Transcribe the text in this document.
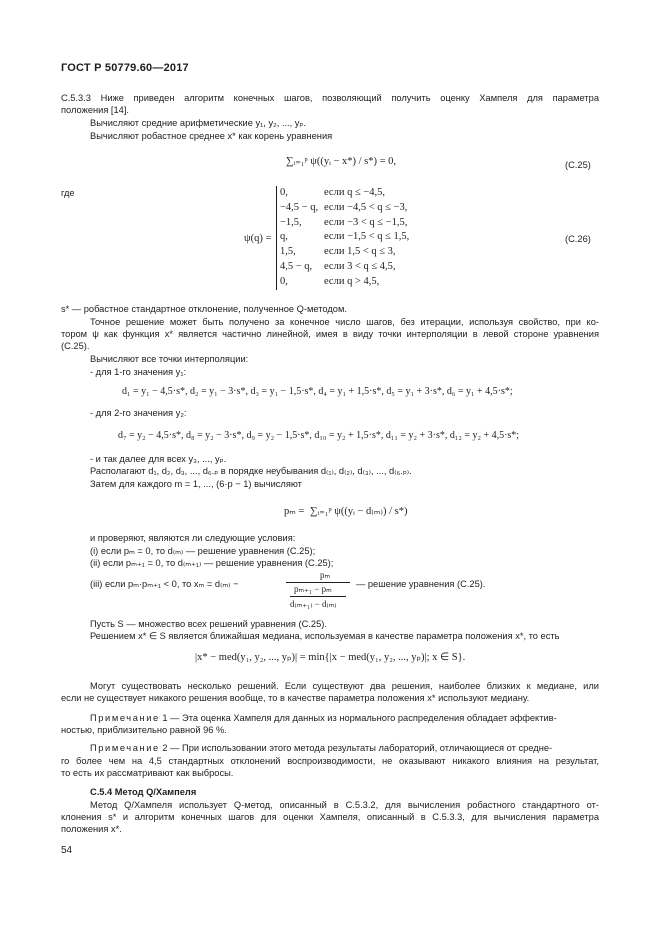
ГОСТ Р 50779.60—2017
С.5.3.3 Ниже приведен алгоритм конечных шагов, позволяющий получить оценку Хампеля для параметра
положения [14].
Вычисляют средние арифметические y₁, y₂, ..., yₚ.
Вычисляют робастное среднее x* как корень уравнения
∑ᵢ₌₁ᵖ ψ((yᵢ − x*) / s*) = 0,	(C.25)
где
ψ(q) =	(C.26)
0,	если q ≤ −4,5,
−4,5 − q, если −4,5 < q ≤ −3,
−1,5, если −3 < q ≤ −1,5,
q,	если −1,5 < q ≤ 1,5,
1,5,	если 1,5 < q ≤ 3,
4,5 − q, если 3 < q ≤ 4,5,
0,	если q > 4,5,
s* — робастное стандартное отклонение, полученное Q-методом.
Точное решение может быть получено за конечное число шагов, без итерации, используя свойство, при ко-
тором ψ как функция x* является частично линейной, имея в виду точки интерполяции в левой стороне уравнения
(C.25).
Вычисляют все точки интерполяции:
- для 1-го значения y₁:
d₁ = y₁ − 4,5·s*, d₂ = y₁ − 3·s*, d₃ = y₁ − 1,5·s*, d₄ = y₁ + 1,5·s*, d₅ = y₁ + 3·s*, d₆ = y₁ + 4,5·s*;
- для 2-го значения y₂:
d₇ = y₂ − 4,5·s*, d₈ = y₂ − 3·s*, d₉ = y₂ − 1,5·s*, d₁₀ = y₂ + 1,5·s*, d₁₁ = y₂ + 3·s*, d₁₂ = y₂ + 4,5·s*;
- и так далее для всех y₃, ..., yₚ.
Располагают d₁, d₂, d₃, ..., d₆.ₚ в порядке неубывания d₍₁₎, d₍₂₎, d₍₃₎, ..., d₍₆.ₚ₎.
Затем для каждого m = 1, ..., (6·p − 1) вычисляют
pₘ = ∑ᵢ₌₁ᵖ ψ((yᵢ − d₍ₘ₎) / s*)
и проверяют, являются ли следующие условия:
(i) если pₘ = 0, то d₍ₘ₎ — решение уравнения (C.25);
(ii) если pₘ₊₁ = 0, то d₍ₘ₊₁₎ — решение уравнения (C.25);
(iii) если pₘ·pₘ₊₁ < 0, то xₘ = d₍ₘ₎ −
pₘ
pₘ₊₁ − pₘ
d₍ₘ₊₁₎ − d₍ₘ₎
— решение уравнения (C.25).
Пусть S — множество всех решений уравнения (C.25).
Решением x* ∈ S является ближайшая медиана, используемая в качестве параметра положения x*, то есть
|x* − med(y₁, y₂, ..., yₚ)| = min{|x − med(y₁, y₂, ..., yₚ)|; x ∈ S}.
Могут существовать несколько решений. Если существуют два решения, наиболее близких к медиане, или
если не существует никакого решения вообще, то в качестве параметра положения x* используют медиану.
Примечание 1 — Эта оценка Хампеля для данных из нормального распределения обладает эффектив-
ностью, приблизительно равной 96 %.
Примечание 2 — При использовании этого метода результаты лабораторий, отличающиеся от средне-
го более чем на 4,5 стандартных отклонений воспроизводимости, не оказывают никакого влияния на результат,
то есть их рассматривают как выбросы.
C.5.4 Метод Q/Хампеля
Метод Q/Хампеля использует Q-метод, описанный в C.5.3.2, для вычисления робастного стандартного от-
клонения s* и алгоритм конечных шагов для оценки Хампеля, описанный в C.5.3.3, для вычисления параметра
положения x*.
54
